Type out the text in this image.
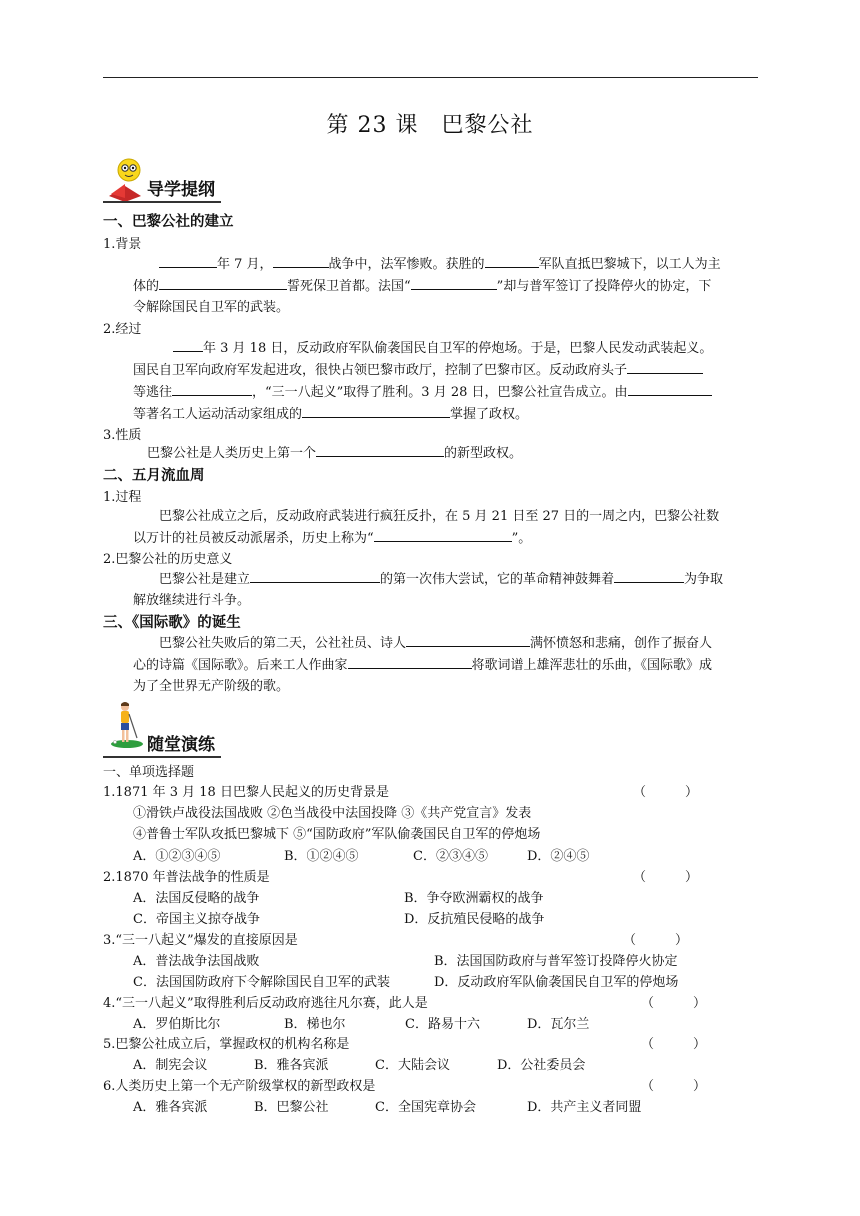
第 23 课　巴黎公社
导学提纲
一、巴黎公社的建立
1.背景
年 7 月，	战争中，法军惨败。获胜的	军队直抵巴黎城下，以工人为主
体的	誓死保卫首都。法国“	”却与普军签订了投降停火的协定，下
令解除国民自卫军的武装。
2.经过
年 3 月 18 日，反动政府军队偷袭国民自卫军的停炮场。于是，巴黎人民发动武装起义。
国民自卫军向政府军发起进攻，很快占领巴黎市政厅，控制了巴黎市区。反动政府头子
等逃往	，“三一八起义”取得了胜利。3 月 28 日，巴黎公社宣告成立。由
等著名工人运动活动家组成的	掌握了政权。
3.性质
巴黎公社是人类历史上第一个	的新型政权。
二、五月流血周
1.过程
巴黎公社成立之后，反动政府武装进行疯狂反扑，在 5 月 21 日至 27 日的一周之内，巴黎公社数
以万计的社员被反动派屠杀，历史上称为“	”。
2.巴黎公社的历史意义
巴黎公社是建立	的第一次伟大尝试，它的革命精神鼓舞着	为争取
解放继续进行斗争。
三、《国际歌》的诞生
巴黎公社失败后的第二天，公社社员、诗人	满怀愤怒和悲痛，创作了振奋人
心的诗篇《国际歌》。后来工人作曲家	将歌词谱上雄浑悲壮的乐曲，《国际歌》成
为了全世界无产阶级的歌。
随堂演练
一、单项选择题
1.1871 年 3 月 18 日巴黎人民起义的历史背景是	（　　　）
①滑铁卢战役法国战败 ②色当战役中法国投降 ③《共产党宣言》发表
④普鲁士军队攻抵巴黎城下 ⑤“国防政府”军队偷袭国民自卫军的停炮场
A．①②③④⑤	B．①②④⑤	C．②③④⑤	D．②④⑤
2.1870 年普法战争的性质是	（　　　）
A．法国反侵略的战争	B．争夺欧洲霸权的战争
C．帝国主义掠夺战争	D．反抗殖民侵略的战争
3.“三一八起义”爆发的直接原因是	（　　　）
A．普法战争法国战败	B．法国国防政府与普军签订投降停火协定
C．法国国防政府下令解除国民自卫军的武装	D．反动政府军队偷袭国民自卫军的停炮场
4.“三一八起义”取得胜利后反动政府逃往凡尔赛，此人是	（　　　）
A．罗伯斯比尔	B．梯也尔	C．路易十六	D．瓦尔兰
5.巴黎公社成立后，掌握政权的机构名称是	（　　　）
A．制宪会议	B．雅各宾派	C．大陆会议	D．公社委员会
6.人类历史上第一个无产阶级掌权的新型政权是	（　　　）
A．雅各宾派	B．巴黎公社	C．全国宪章协会	D．共产主义者同盟
